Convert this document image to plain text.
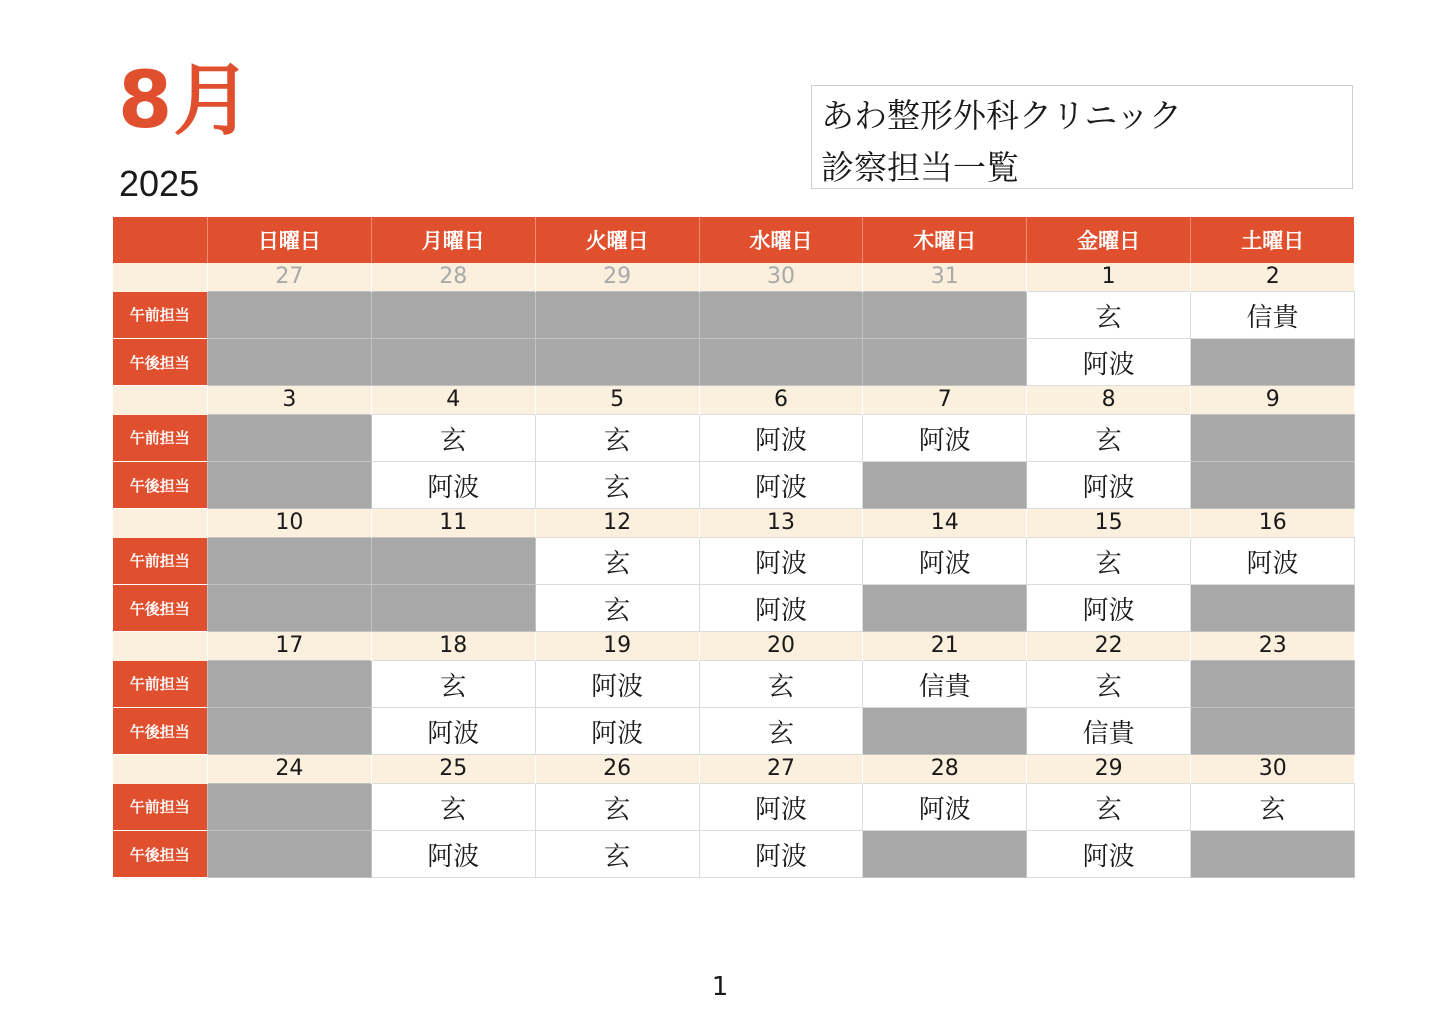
8月
2025
あわ整形外科クリニック
診察担当一覧
	日曜日	月曜日	火曜日	水曜日	木曜日	金曜日	土曜日
	27	28	29	30	31	1	2
午前担当						玄	信貴
午後担当						阿波	
	3	4	5	6	7	8	9
午前担当		玄	玄	阿波	阿波	玄	
午後担当		阿波	玄	阿波		阿波	
	10	11	12	13	14	15	16
午前担当			玄	阿波	阿波	玄	阿波
午後担当			玄	阿波		阿波	
	17	18	19	20	21	22	23
午前担当		玄	阿波	玄	信貴	玄	
午後担当		阿波	阿波	玄		信貴	
	24	25	26	27	28	29	30
午前担当		玄	玄	阿波	阿波	玄	玄
午後担当		阿波	玄	阿波		阿波	
1
